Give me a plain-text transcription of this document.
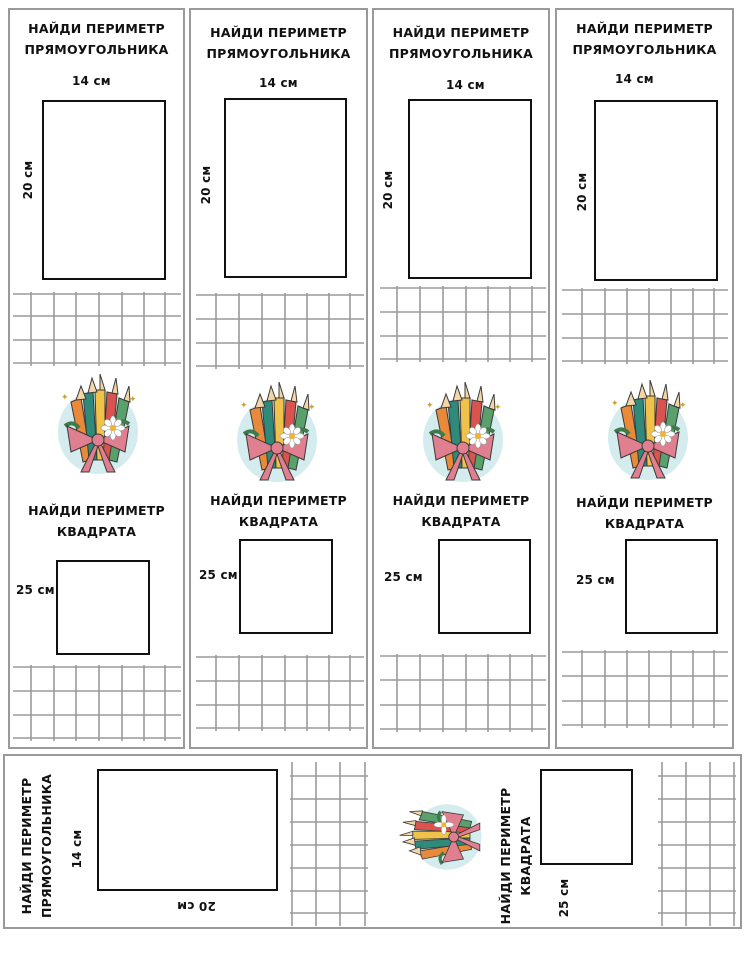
НАЙДИ ПЕРИМЕТР
ПРЯМОУГОЛЬНИКА
14 см
20 см
✦	✦
НАЙДИ ПЕРИМЕТР
КВАДРАТА
25 см
НАЙДИ ПЕРИМЕТР
ПРЯМОУГОЛЬНИКА
14 см
20 см
✦	✦
НАЙДИ ПЕРИМЕТР
КВАДРАТА
25 см
НАЙДИ ПЕРИМЕТР
ПРЯМОУГОЛЬНИКА
14 см
20 см
✦	✦
НАЙДИ ПЕРИМЕТР
КВАДРАТА
25 см
НАЙДИ ПЕРИМЕТР
ПРЯМОУГОЛЬНИКА
14 см
20 см
✦	✦
НАЙДИ ПЕРИМЕТР
КВАДРАТА
25 см
НАЙДИ ПЕРИМЕТР ПРЯМОУГОЛЬНИКА 14 см
20 см	НАЙДИ ПЕРИМЕТР КВАДРАТА
25 см
